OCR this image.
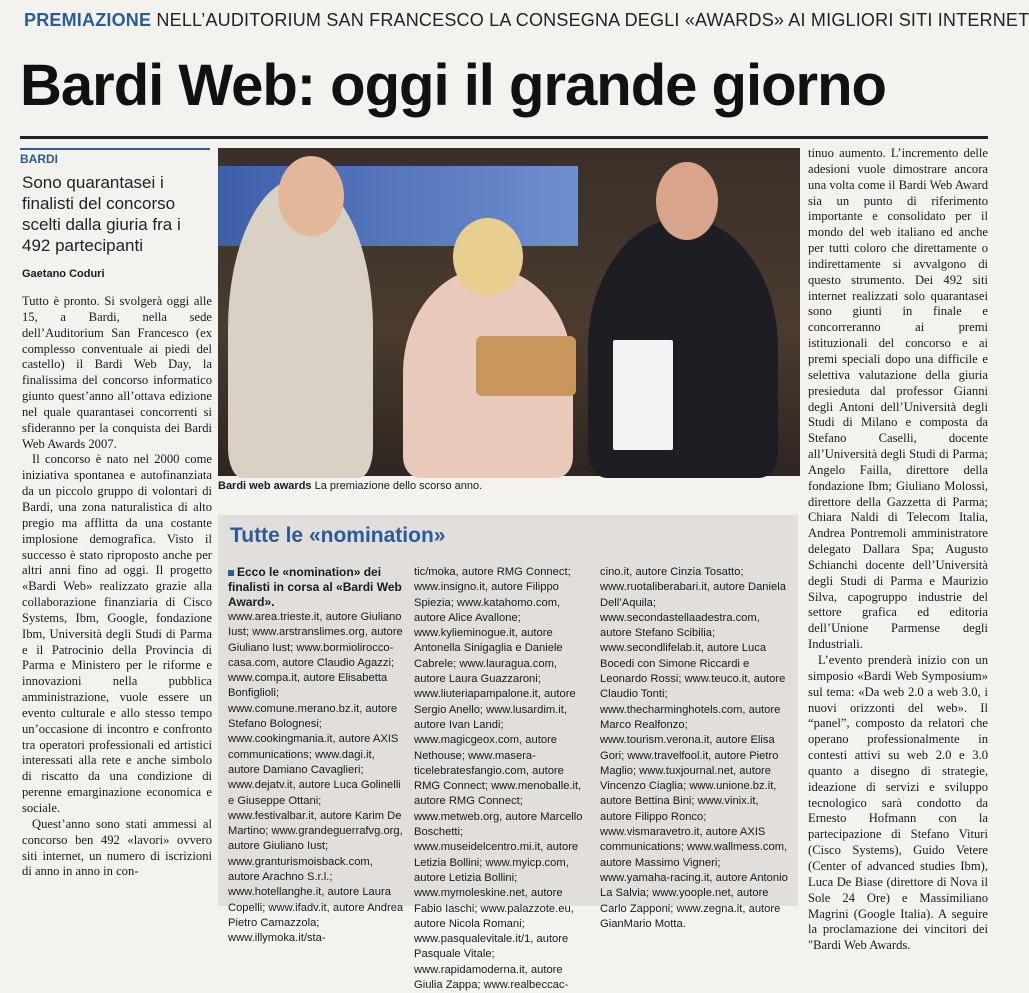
PREMIAZIONE NELL’AUDITORIUM SAN FRANCESCO LA CONSEGNA DEGLI «AWARDS» AI MIGLIORI SITI INTERNET
Bardi Web: oggi il grande giorno
BARDI
Sono quarantasei i finalisti del concorso scelti dalla giuria fra i 492 partecipanti
Gaetano Coduri

Tutto è pronto. Si svolgerà oggi alle 15, a Bardi, nella sede dell’Auditorium San Francesco (ex complesso conventuale ai piedi del castello) il Bardi Web Day, la finalissima del concorso informatico giunto quest’anno all’ottava edizione nel quale quarantasei concorrenti si sfideranno per la conquista dei Bardi Web Awards 2007.

Il concorso è nato nel 2000 come iniziativa spontanea e autofinanziata da un piccolo gruppo di volontari di Bardi, una zona naturalistica di alto pregio ma afflitta da una costante implosione demografica. Visto il successo è stato riproposto anche per altri anni fino ad oggi. Il progetto «Bardi Web» realizzato grazie alla collaborazione finanziaria di Cisco Systems, Ibm, Google, fondazione Ibm, Università degli Studi di Parma e il Patrocinio della Provincia di Parma e Ministero per le riforme e innovazioni nella pubblica amministrazione, vuole essere un evento culturale e allo stesso tempo un’occasione di incontro e confronto tra operatori professionali ed artistici interessati alla rete e anche simbolo di riscatto da una condizione di perenne emarginazione economica e sociale.

Quest’anno sono stati ammessi al concorso ben 492 «lavori» ovvero siti internet, un numero di iscrizioni di anno in anno in con-

Bardi web awards La premiazione dello scorso anno.
Tutte le «nomination»
Ecco le «nomination» dei finalisti in corsa al «Bardi Web Award».
www.area.trieste.it, autore Giuliano Iust; www.arstranslimes.org, autore Giuliano Iust; www.bormioliroccocasa.com, autore Claudio Agazzi; www.compa.it, autore Elisabetta Bonfiglioli; www.comune.merano.bz.it, autore Stefano Bolognesi; www.cookingmania.it, autore AXIS communications; www.dagi.it, autore Damiano Cavaglieri; www.dejatv.it, autore Luca Golinelli e Giuseppe Ottani; www.festivalbar.it, autore Karim De Martino; www.grandeguerrafvg.org, autore Giuliano Iust; www.granturismoisback.com, autore Arachno S.r.l.; www.hotellanghe.it, autore Laura Copelli; www.ifadv.it, autore Andrea Pietro Camazzola; www.illymoka.it/sta-
tic/moka, autore RMG Connect; www.insigno.it, autore Filippo Spiezia; www.katahomo.com, autore Alice Avallone; www.kylieminogue.it, autore Antonella Sinigaglia e Daniele Cabrele; www.lauragua.com, autore Laura Guazzaroni; www.liuteriapampalone.it, autore Sergio Anello; www.lusardim.it, autore Ivan Landi; www.magicgeox.com, autore Nethouse; www.maseraticelebratesfangio.com, autore RMG Connect; www.menoballe.it, autore RMG Connect; www.metweb.org, autore Marcello Boschetti; www.museidelcentro.mi.it, autore Letizia Bollini; www.myicp.com, autore Letizia Bollini; www.mymoleskine.net, autore Fabio Iaschi; www.palazzote.eu, autore Nicola Romani; www.pasqualevitale.it/1, autore Pasquale Vitale; www.rapidamoderna.it, autore Giulia Zappa; www.realbeccac-
cino.it, autore Cinzia Tosatto; www.ruotaliberabari.it, autore Daniela Dell’Aquila; www.secondastellaadestra.com, autore Stefano Scibilia; www.secondlifelab.it, autore Luca Bocedi con Simone Riccardi e Leonardo Rossi; www.teuco.it, autore Claudio Tonti; www.thecharminghotels.com, autore Marco Realfonzo; www.tourism.verona.it, autore Elisa Gori; www.travelfool.it, autore Pietro Maglio; www.tuxjournal.net, autore Vincenzo Ciaglia; www.unione.bz.it, autore Bettina Bini; www.vinix.it, autore Filippo Ronco; www.vismaravetro.it, autore AXIS communications; www.wallmess.com, autore Massimo Vigneri; www.yamaha-racing.it, autore Antonio La Salvia; www.yoople.net, autore Carlo Zapponi; www.zegna.it, autore GianMario Motta.

tinuo aumento. L’incremento delle adesioni vuole dimostrare ancora una volta come il Bardi Web Award sia un punto di riferimento importante e consolidato per il mondo del web italiano ed anche per tutti coloro che direttamente o indirettamente si avvalgono di questo strumento. Dei 492 siti internet realizzati solo quarantasei sono giunti in finale e concorreranno ai premi istituzionali del concorso e ai premi speciali dopo una difficile e selettiva valutazione della giuria presieduta dal professor Gianni degli Antoni dell’Università degli Studi di Milano e composta da Stefano Caselli, docente all’Università degli Studi di Parma; Angelo Failla, direttore della fondazione Ibm; Giuliano Molossi, direttore della Gazzetta di Parma; Chiara Naldi di Telecom Italia, Andrea Pontremoli amministratore delegato Dallara Spa; Augusto Schianchi docente dell’Università degli Studi di Parma e Maurizio Silva, capogruppo industrie del settore grafica ed editoria dell’Unione Parmense degli Industriali.

L’evento prenderà inizio con un simposio «Bardi Web Symposium» sul tema: «Da web 2.0 a web 3.0, i nuovi orizzonti del web». Il “panel”, composto da relatori che operano professionalmente in contesti attivi su web 2.0 e 3.0 quanto a disegno di strategie, ideazione di servizi e sviluppo tecnologico sarà condotto da Ernesto Hofmann con la partecipazione di Stefano Vituri (Cisco Systems), Guido Vetere (Center of advanced studies Ibm), Luca De Biase (direttore di Nova il Sole 24 Ore) e Massimiliano Magrini (Google Italia). A seguire la proclamazione dei vincitori dei "Bardi Web Awards.
